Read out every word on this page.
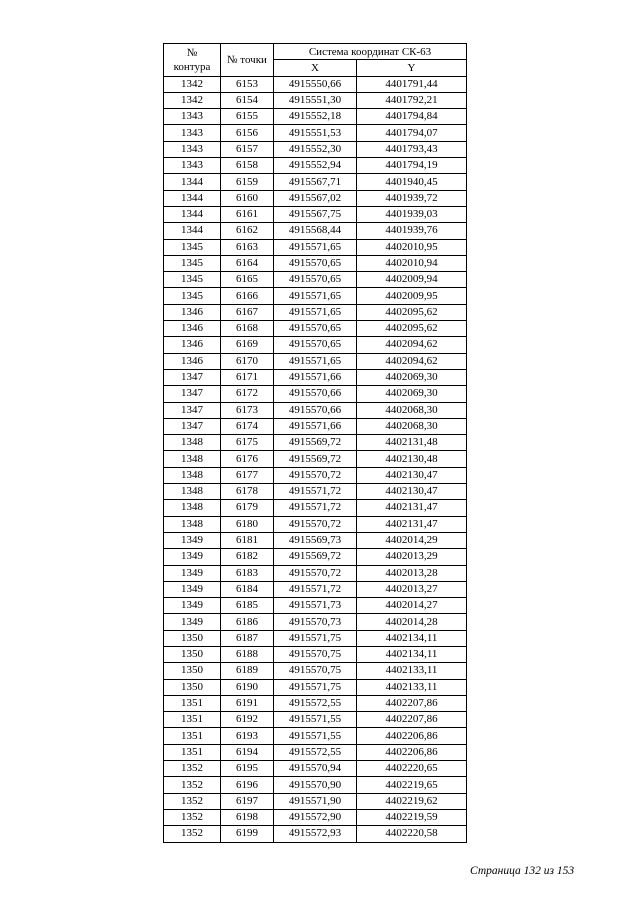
№
контура	№ точки	Система координат СК-63	
		X	Y
1342	6153	4915550,66	4401791,44
1342	6154	4915551,30	4401792,21
1343	6155	4915552,18	4401794,84
1343	6156	4915551,53	4401794,07
1343	6157	4915552,30	4401793,43
1343	6158	4915552,94	4401794,19
1344	6159	4915567,71	4401940,45
1344	6160	4915567,02	4401939,72
1344	6161	4915567,75	4401939,03
1344	6162	4915568,44	4401939,76
1345	6163	4915571,65	4402010,95
1345	6164	4915570,65	4402010,94
1345	6165	4915570,65	4402009,94
1345	6166	4915571,65	4402009,95
1346	6167	4915571,65	4402095,62
1346	6168	4915570,65	4402095,62
1346	6169	4915570,65	4402094,62
1346	6170	4915571,65	4402094,62
1347	6171	4915571,66	4402069,30
1347	6172	4915570,66	4402069,30
1347	6173	4915570,66	4402068,30
1347	6174	4915571,66	4402068,30
1348	6175	4915569,72	4402131,48
1348	6176	4915569,72	4402130,48
1348	6177	4915570,72	4402130,47
1348	6178	4915571,72	4402130,47
1348	6179	4915571,72	4402131,47
1348	6180	4915570,72	4402131,47
1349	6181	4915569,73	4402014,29
1349	6182	4915569,72	4402013,29
1349	6183	4915570,72	4402013,28
1349	6184	4915571,72	4402013,27
1349	6185	4915571,73	4402014,27
1349	6186	4915570,73	4402014,28
1350	6187	4915571,75	4402134,11
1350	6188	4915570,75	4402134,11
1350	6189	4915570,75	4402133,11
1350	6190	4915571,75	4402133,11
1351	6191	4915572,55	4402207,86
1351	6192	4915571,55	4402207,86
1351	6193	4915571,55	4402206,86
1351	6194	4915572,55	4402206,86
1352	6195	4915570,94	4402220,65
1352	6196	4915570,90	4402219,65
1352	6197	4915571,90	4402219,62
1352	6198	4915572,90	4402219,59
1352	6199	4915572,93	4402220,58
Страница 132 из 153
